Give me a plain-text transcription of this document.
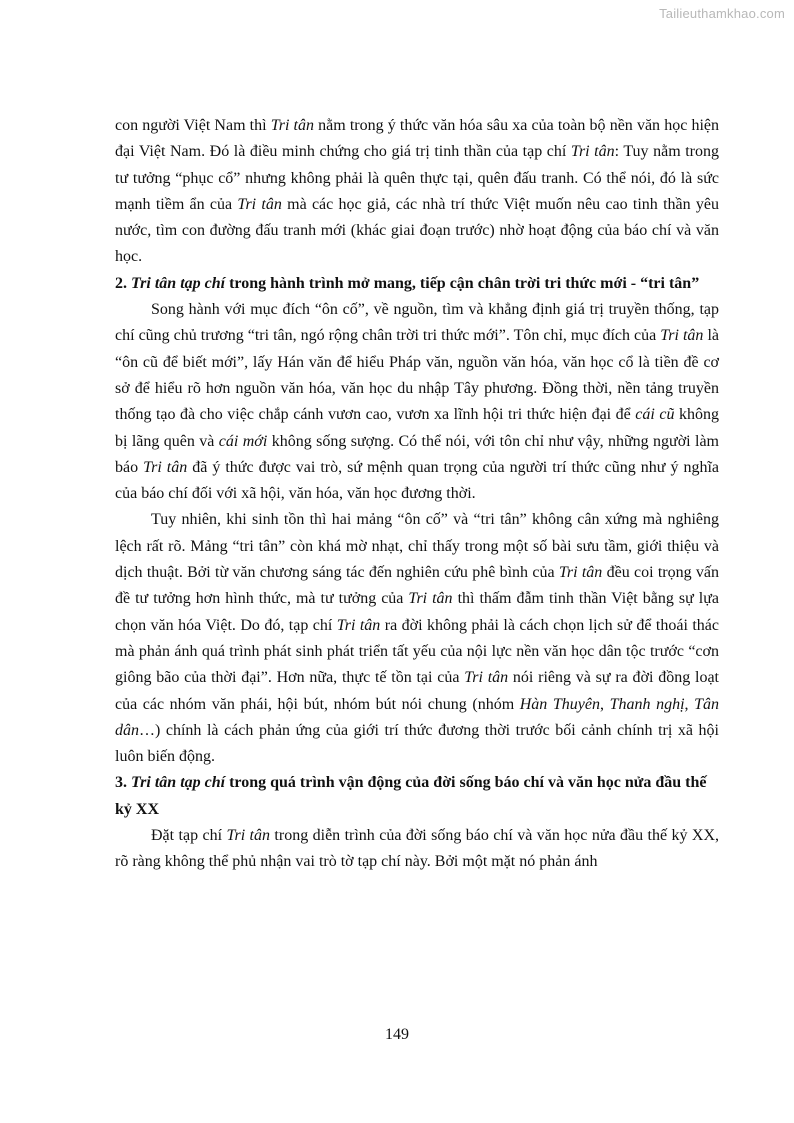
Tailieuthamkhao.com

con người Việt Nam thì Tri tân nằm trong ý thức văn hóa sâu xa của toàn bộ nền văn học hiện đại Việt Nam. Đó là điều minh chứng cho giá trị tinh thần của tạp chí Tri tân: Tuy nằm trong tư tưởng “phục cổ” nhưng không phải là quên thực tại, quên đấu tranh. Có thể nói, đó là sức mạnh tiềm ẩn của Tri tân mà các học giả, các nhà trí thức Việt muốn nêu cao tinh thần yêu nước, tìm con đường đấu tranh mới (khác giai đoạn trước) nhờ hoạt động của báo chí và văn học.

2. Tri tân tạp chí trong hành trình mở mang, tiếp cận chân trời tri thức mới - “tri tân”

Song hành với mục đích “ôn cố”, về nguồn, tìm và khẳng định giá trị truyền thống, tạp chí cũng chủ trương “tri tân, ngó rộng chân trời tri thức mới”. Tôn chỉ, mục đích của Tri tân là “ôn cũ để biết mới”, lấy Hán văn để hiểu Pháp văn, nguồn văn hóa, văn học cổ là tiền đề cơ sở để hiểu rõ hơn nguồn văn hóa, văn học du nhập Tây phương. Đồng thời, nền tảng truyền thống tạo đà cho việc chắp cánh vươn cao, vươn xa lĩnh hội tri thức hiện đại để cái cũ không bị lãng quên và cái mới không sống sượng. Có thể nói, với tôn chỉ như vậy, những người làm báo Tri tân đã ý thức được vai trò, sứ mệnh quan trọng của người trí thức cũng như ý nghĩa của báo chí đối với xã hội, văn hóa, văn học đương thời.

Tuy nhiên, khi sinh tồn thì hai mảng “ôn cố” và “tri tân” không cân xứng mà nghiêng lệch rất rõ. Mảng “tri tân” còn khá mờ nhạt, chỉ thấy trong một số bài sưu tầm, giới thiệu và dịch thuật. Bởi từ văn chương sáng tác đến nghiên cứu phê bình của Tri tân đều coi trọng vấn đề tư tưởng hơn hình thức, mà tư tưởng của Tri tân thì thấm đẫm tinh thần Việt bằng sự lựa chọn văn hóa Việt. Do đó, tạp chí Tri tân ra đời không phải là cách chọn lịch sử để thoái thác mà phản ánh quá trình phát sinh phát triển tất yếu của nội lực nền văn học dân tộc trước “cơn giông bão của thời đại”. Hơn nữa, thực tế tồn tại của Tri tân nói riêng và sự ra đời đồng loạt của các nhóm văn phái, hội bút, nhóm bút nói chung (nhóm Hàn Thuyên, Thanh nghị, Tân dân…) chính là cách phản ứng của giới trí thức đương thời trước bối cảnh chính trị xã hội luôn biến động.

3. Tri tân tạp chí trong quá trình vận động của đời sống báo chí và văn học nửa đầu thế kỷ XX

Đặt tạp chí Tri tân trong diễn trình của đời sống báo chí và văn học nửa đầu thế kỷ XX, rõ ràng không thể phủ nhận vai trò tờ tạp chí này. Bởi một mặt nó phản ánh

149
